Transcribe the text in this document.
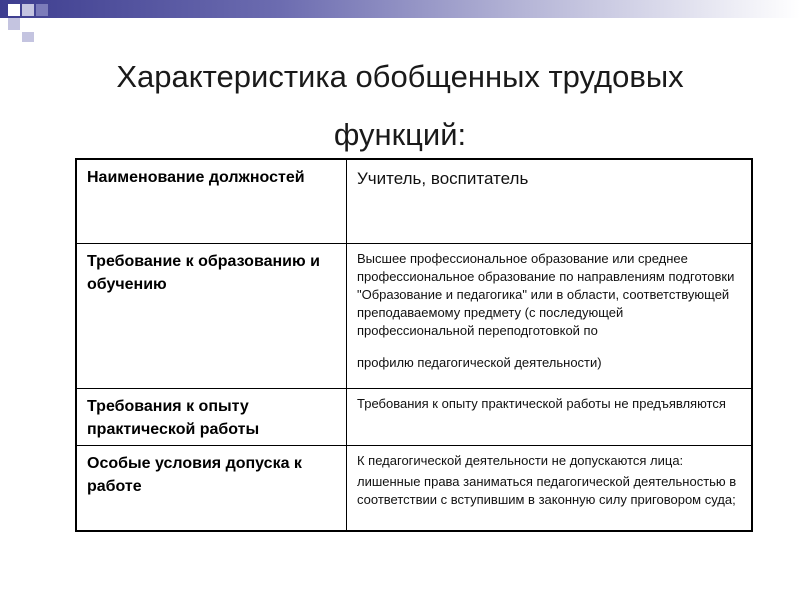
Характеристика обобщенных трудовых
функций:
Наименование должностей	Учитель, воспитатель
Требование к образованию и обучению	Высшее профессиональное образование или среднее профессиональное образование по направлениям подготовки "Образование и педагогика" или в области, соответствующей преподаваемому предмету (с последующей профессиональной переподготовкой по
профилю педагогической деятельности)

Требования к опыту практической работы	Требования к опыту практической работы не предъявляются
Особые условия допуска к работе	К педагогической деятельности не допускаются лица:
лишенные права заниматься педагогической деятельностью в соответствии с вступившим в законную силу приговором суда;
